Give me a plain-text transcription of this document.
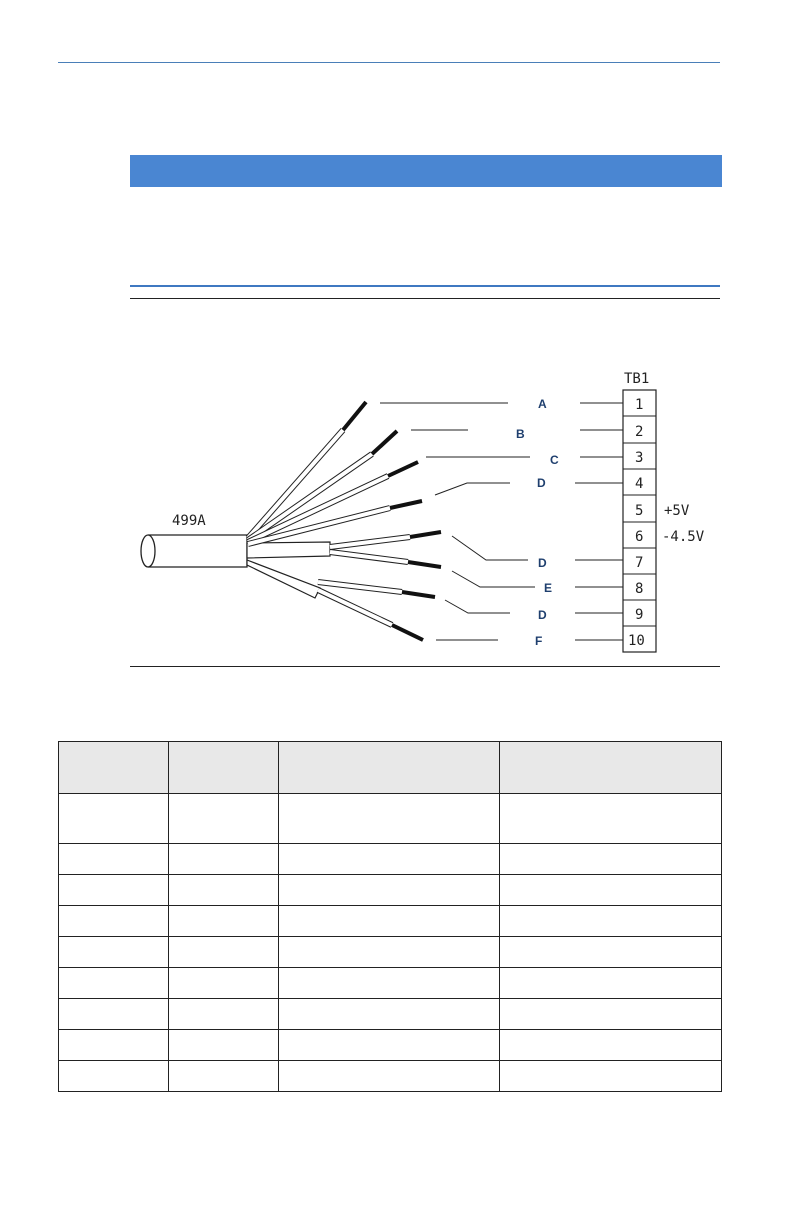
499A
A
B
C
D
D
E
D
F
TB1
1
2
3
4
5
6
7
8
9
10
+5V
-4.5V
